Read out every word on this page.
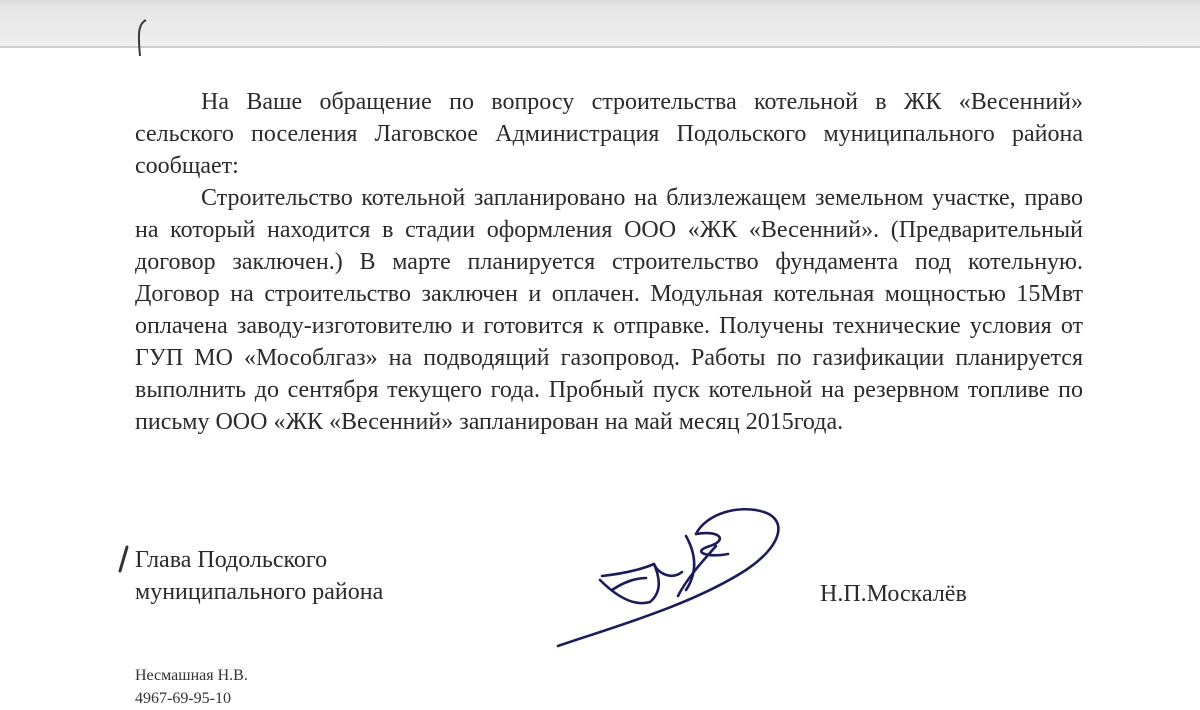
На Ваше обращение по вопросу строительства котельной в ЖК «Весенний» сельского поселения Лаговское Администрация Подольского муниципального района сообщает:

Строительство котельной запланировано на близлежащем земельном участке, право на который находится в стадии оформления ООО «ЖК «Весенний». (Предварительный договор заключен.) В марте планируется строительство фундамента под котельную. Договор на строительство заключен и оплачен. Модульная котельная мощностью 15Мвт оплачена заводу-изготовителю и готовится к отправке. Получены технические условия от ГУП МО «Мособлгаз» на подводящий газопровод. Работы по газификации планируется выполнить до сентября текущего года. Пробный пуск котельной на резервном топливе по письму ООО «ЖК «Весенний» запланирован на май месяц 2015года.

Глава Подольского
муниципального района	Н.П.Москалёв
Несмашная Н.В.
4967-69-95-10
